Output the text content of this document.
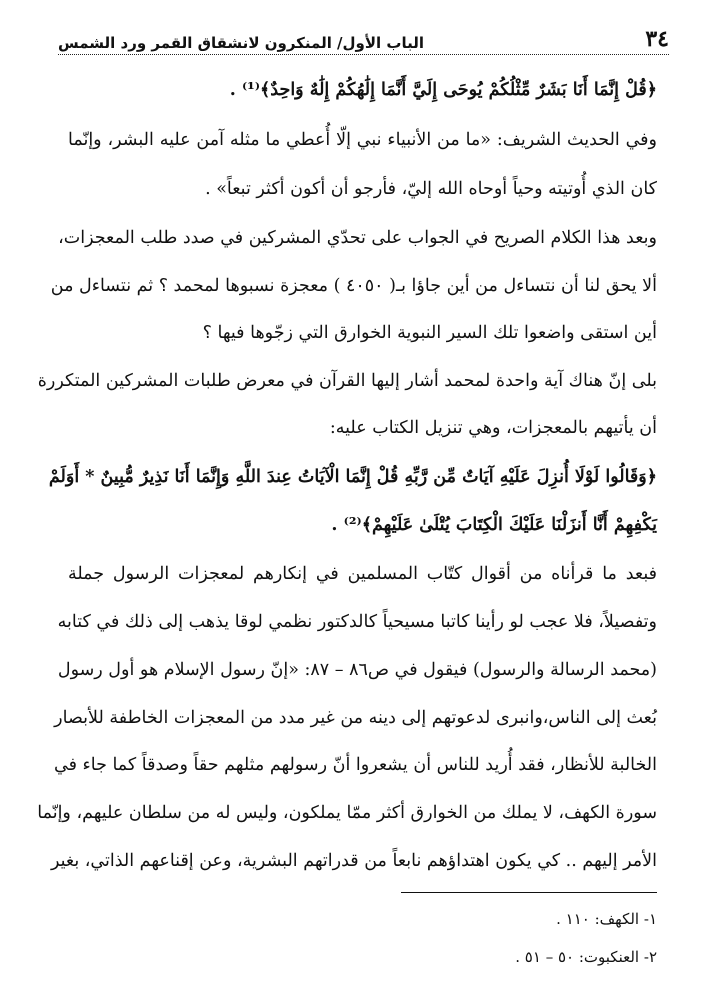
٣٤
الباب الأول/ المنكرون لانشقاق القمر ورد الشمس
﴿قُلْ إِنَّمَا أَنَا بَشَرٌ مِّثْلُكُمْ يُوحَى إِلَيَّ أَنَّمَا إِلَٰهُكُمْ إِلَٰهٌ وَاحِدٌ﴾⁽¹⁾ .
وفي الحديث الشريف: «ما من الأنبياء نبي إلّا أُعطي ما مثله آمن عليه البشر، وإنّما
كان الذي أُوتيته وحياً أوحاه الله إليّ، فأرجو أن أكون أكثر تبعاً» .
وبعد هذا الكلام الصريح في الجواب على تحدّي المشركين في صدد طلب المعجزات،
ألا يحق لنا أن نتساءل من أين جاؤا بـ( ٤٠٥٠ ) معجزة نسبوها لمحمد ؟ ثم نتساءل من
أين استقى واضعوا تلك السير النبوية الخوارق التي زجّوها فيها ؟
بلى إنّ هناك آية واحدة لمحمد أشار إليها القرآن في معرض طلبات المشركين المتكررة
أن يأتيهم بالمعجزات، وهي تنزيل الكتاب عليه:
﴿وَقَالُوا لَوْلَا أُنزِلَ عَلَيْهِ آيَاتٌ مِّن رَّبِّهِ قُلْ إِنَّمَا الْآيَاتُ عِندَ اللَّهِ وَإِنَّمَا أَنَا نَذِيرٌ مُّبِينٌ * أَوَلَمْ
يَكْفِهِمْ أَنَّا أَنزَلْنَا عَلَيْكَ الْكِتَابَ يُتْلَىٰ عَلَيْهِمْ﴾⁽²⁾ .
فبعد ما قرأناه من أقوال كتّاب المسلمين في إنكارهم لمعجزات الرسول جملة
وتفصيلاً، فلا عجب لو رأينا كاتبا مسيحياً كالدكتور نظمي لوقا يذهب إلى ذلك في كتابه
(محمد الرسالة والرسول) فيقول في ص٨٦ – ٨٧: «إنّ رسول الإسلام هو أول رسول
بُعث إلى الناس،وانبرى لدعوتهم إلى دينه من غير مدد من المعجزات الخاطفة للأبصار
الخالبة للأنظار، فقد أُريد للناس أن يشعروا أنّ رسولهم مثلهم حقاً وصدقاً كما جاء في
سورة الكهف، لا يملك من الخوارق أكثر ممّا يملكون، وليس له من سلطان عليهم، وإنّما
الأمر إليهم .. كي يكون اهتداؤهم نابعاً من قدراتهم البشرية، وعن إقناعهم الذاتي، بغير
١- الكهف: ١١٠ .
٢- العنكبوت: ٥٠ – ٥١ .
